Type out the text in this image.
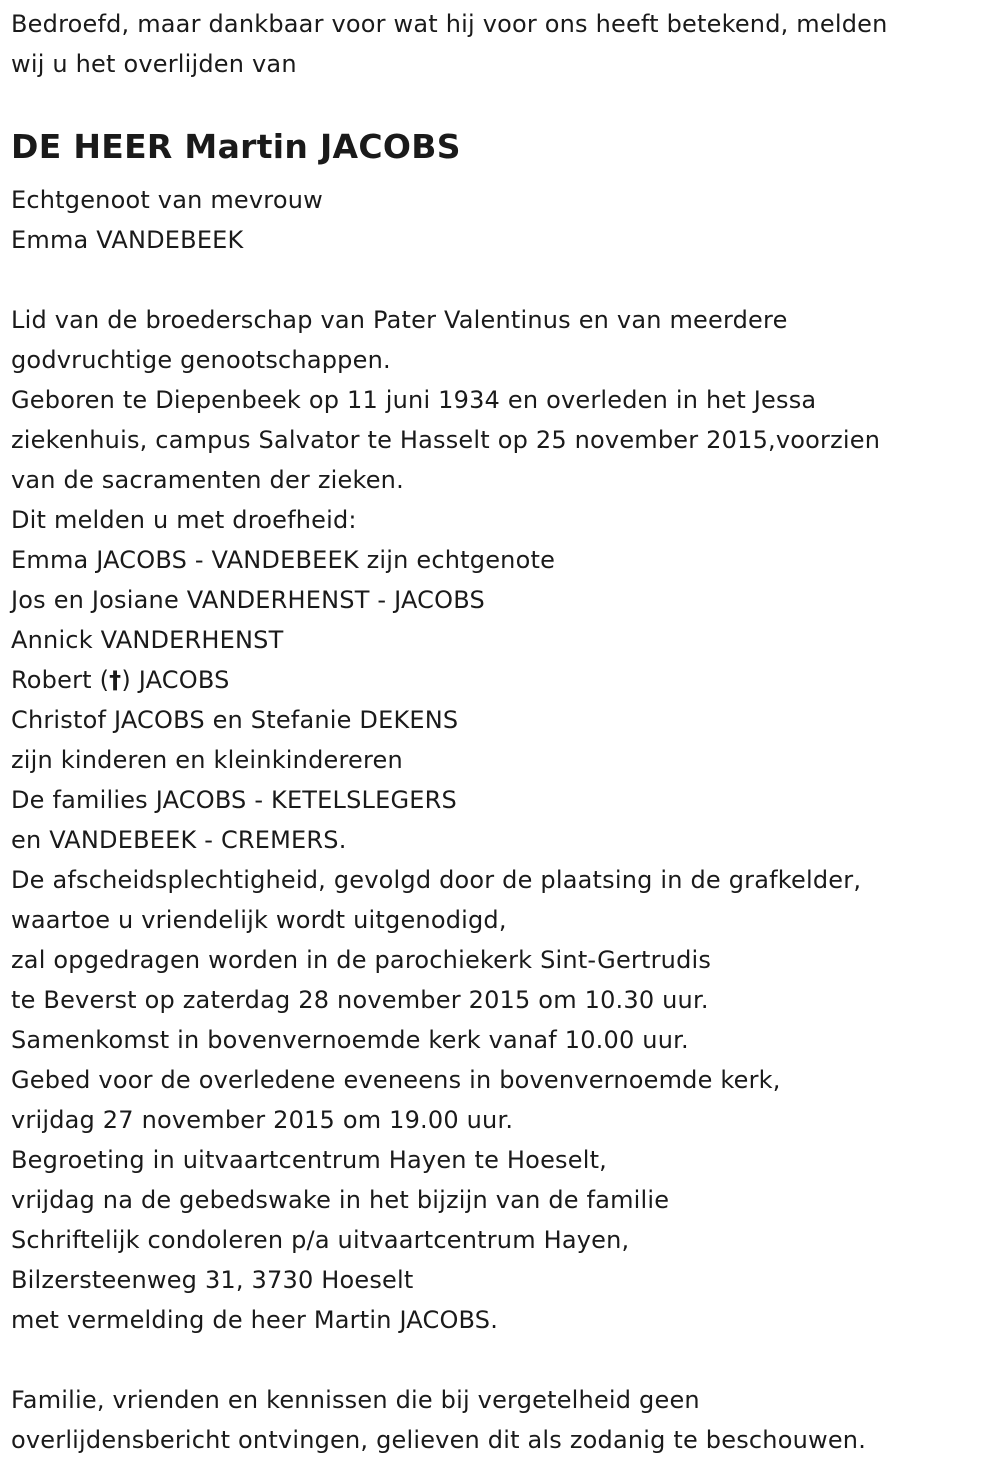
Bedroefd, maar dankbaar voor wat hij voor ons heeft betekend, melden
wij u het overlijden van
DE HEER Martin JACOBS
Echtgenoot van mevrouw
Emma VANDEBEEK
Lid van de broederschap van Pater Valentinus en van meerdere
godvruchtige genootschappen.
Geboren te Diepenbeek op 11 juni 1934 en overleden in het Jessa
ziekenhuis, campus Salvator te Hasselt op 25 november 2015,voorzien
van de sacramenten der zieken.
Dit melden u met droefheid:
Emma JACOBS - VANDEBEEK zijn echtgenote
Jos en Josiane VANDERHENST - JACOBS
Annick VANDERHENST
Robert (†) JACOBS
Christof JACOBS en Stefanie DEKENS
zijn kinderen en kleinkindereren
De families JACOBS - KETELSLEGERS
en VANDEBEEK - CREMERS.
De afscheidsplechtigheid, gevolgd door de plaatsing in de grafkelder,
waartoe u vriendelijk wordt uitgenodigd,
zal opgedragen worden in de parochiekerk Sint-Gertrudis
te Beverst op zaterdag 28 november 2015 om 10.30 uur.
Samenkomst in bovenvernoemde kerk vanaf 10.00 uur.
Gebed voor de overledene eveneens in bovenvernoemde kerk,
vrijdag 27 november 2015 om 19.00 uur.
Begroeting in uitvaartcentrum Hayen te Hoeselt,
vrijdag na de gebedswake in het bijzijn van de familie
Schriftelijk condoleren p/a uitvaartcentrum Hayen,
Bilzersteenweg 31, 3730 Hoeselt
met vermelding de heer Martin JACOBS.
Familie, vrienden en kennissen die bij vergetelheid geen
overlijdensbericht ontvingen, gelieven dit als zodanig te beschouwen.
